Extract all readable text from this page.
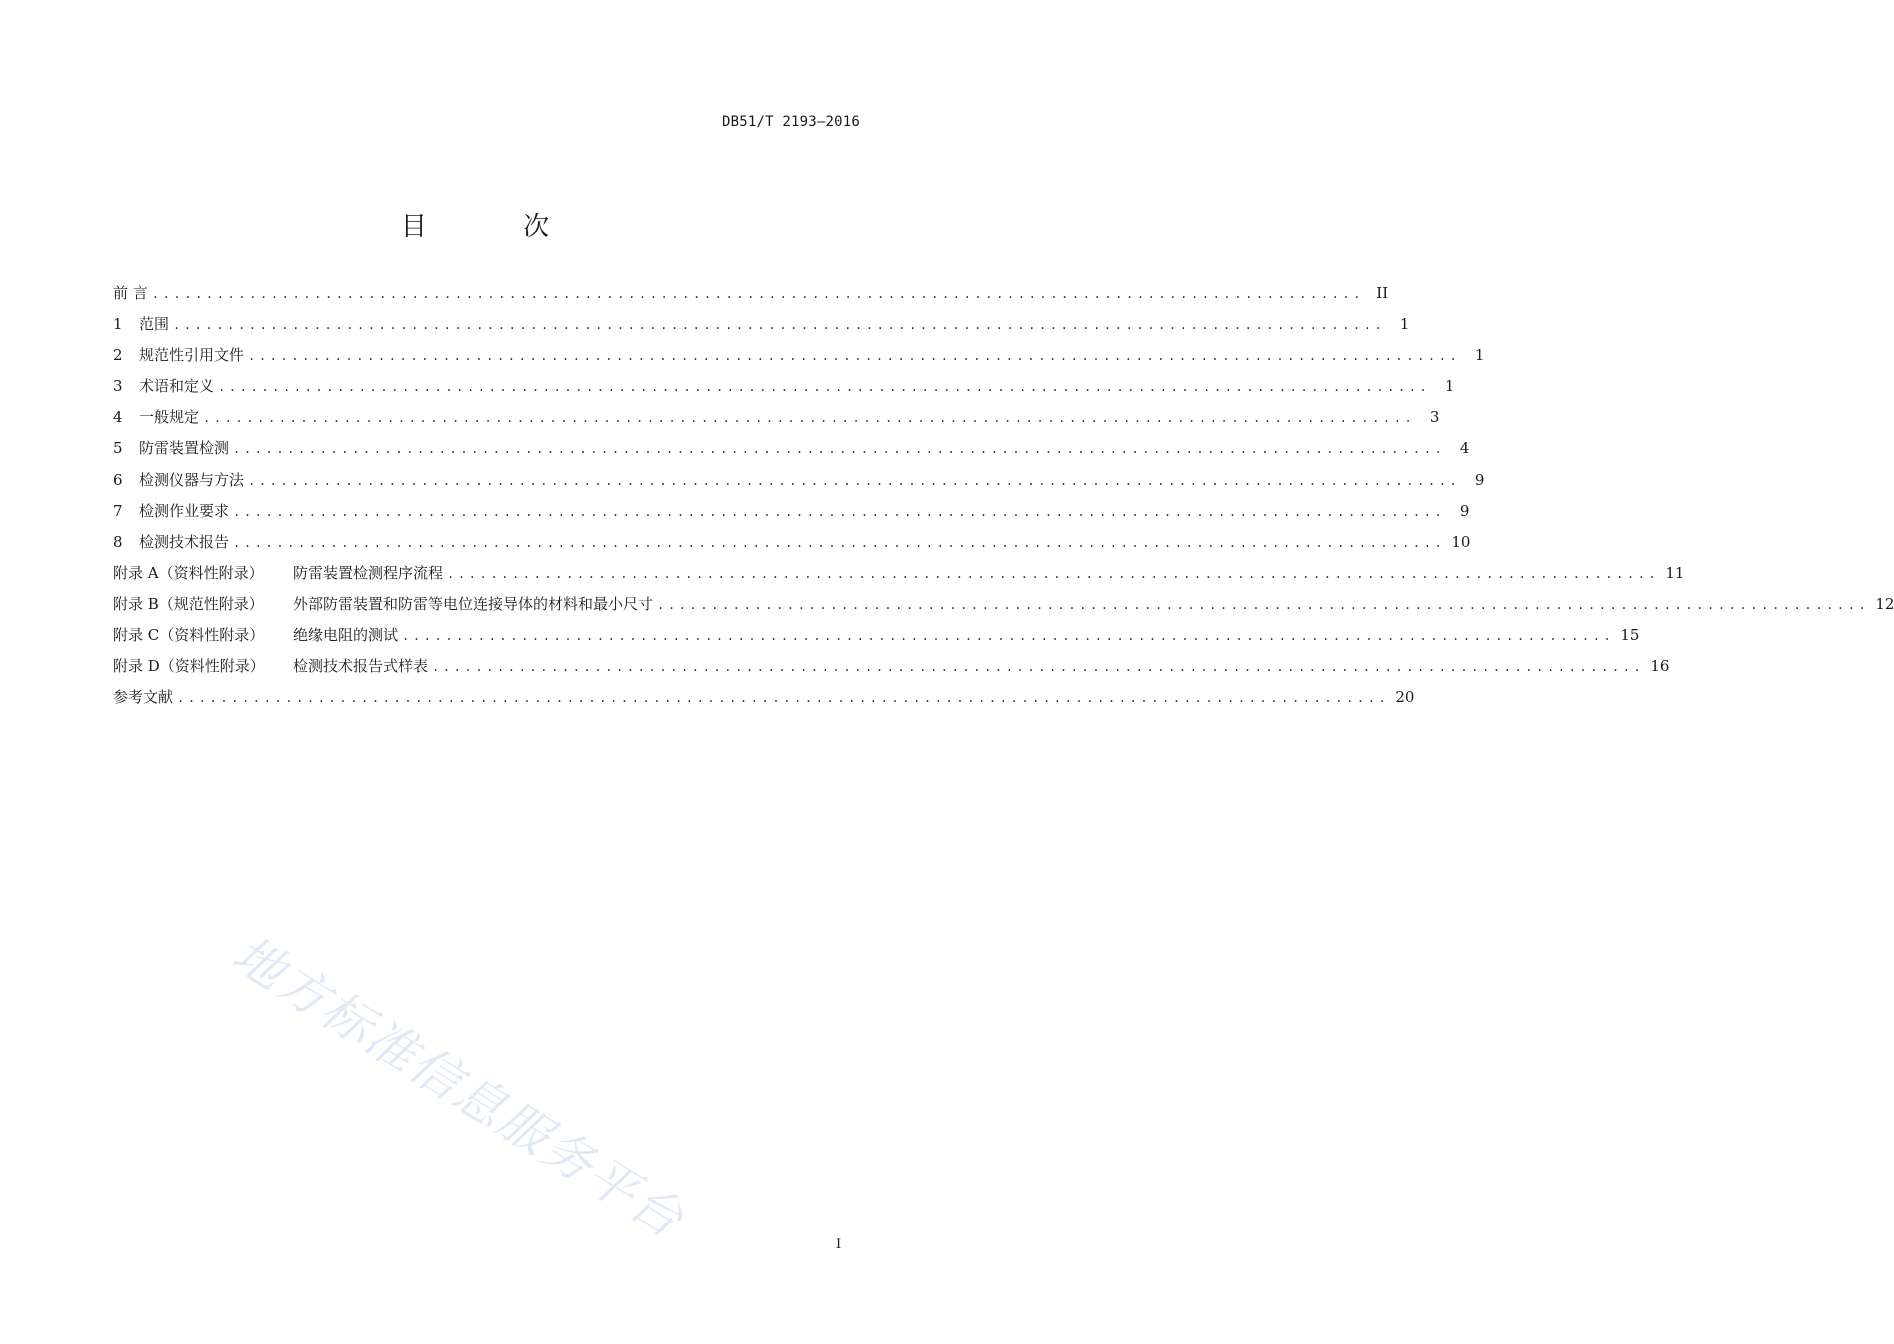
DB51/T 2193—2016
目 次
前 言 ................................................................................................................ II
1	范围 ................................................................................................................ 1
2	规范性引用文件 ................................................................................................................ 1
3	术语和定义 ................................................................................................................ 1
4	一般规定 ................................................................................................................ 3
5	防雷装置检测 ................................................................................................................ 4
6	检测仪器与方法 ................................................................................................................ 9
7	检测作业要求 ................................................................................................................ 9
8	检测技术报告 ................................................................................................................ 10
附录 A（资料性附录）	防雷装置检测程序流程 ................................................................................................................ 11
附录 B（规范性附录）	外部防雷装置和防雷等电位连接导体的材料和最小尺寸 ................................................................................................................ 12
附录 C（资料性附录）	绝缘电阻的测试 ................................................................................................................ 15
附录 D（资料性附录）	检测技术报告式样表 ................................................................................................................ 16
参考文献 ................................................................................................................ 20
地方标准信息服务平台	I
